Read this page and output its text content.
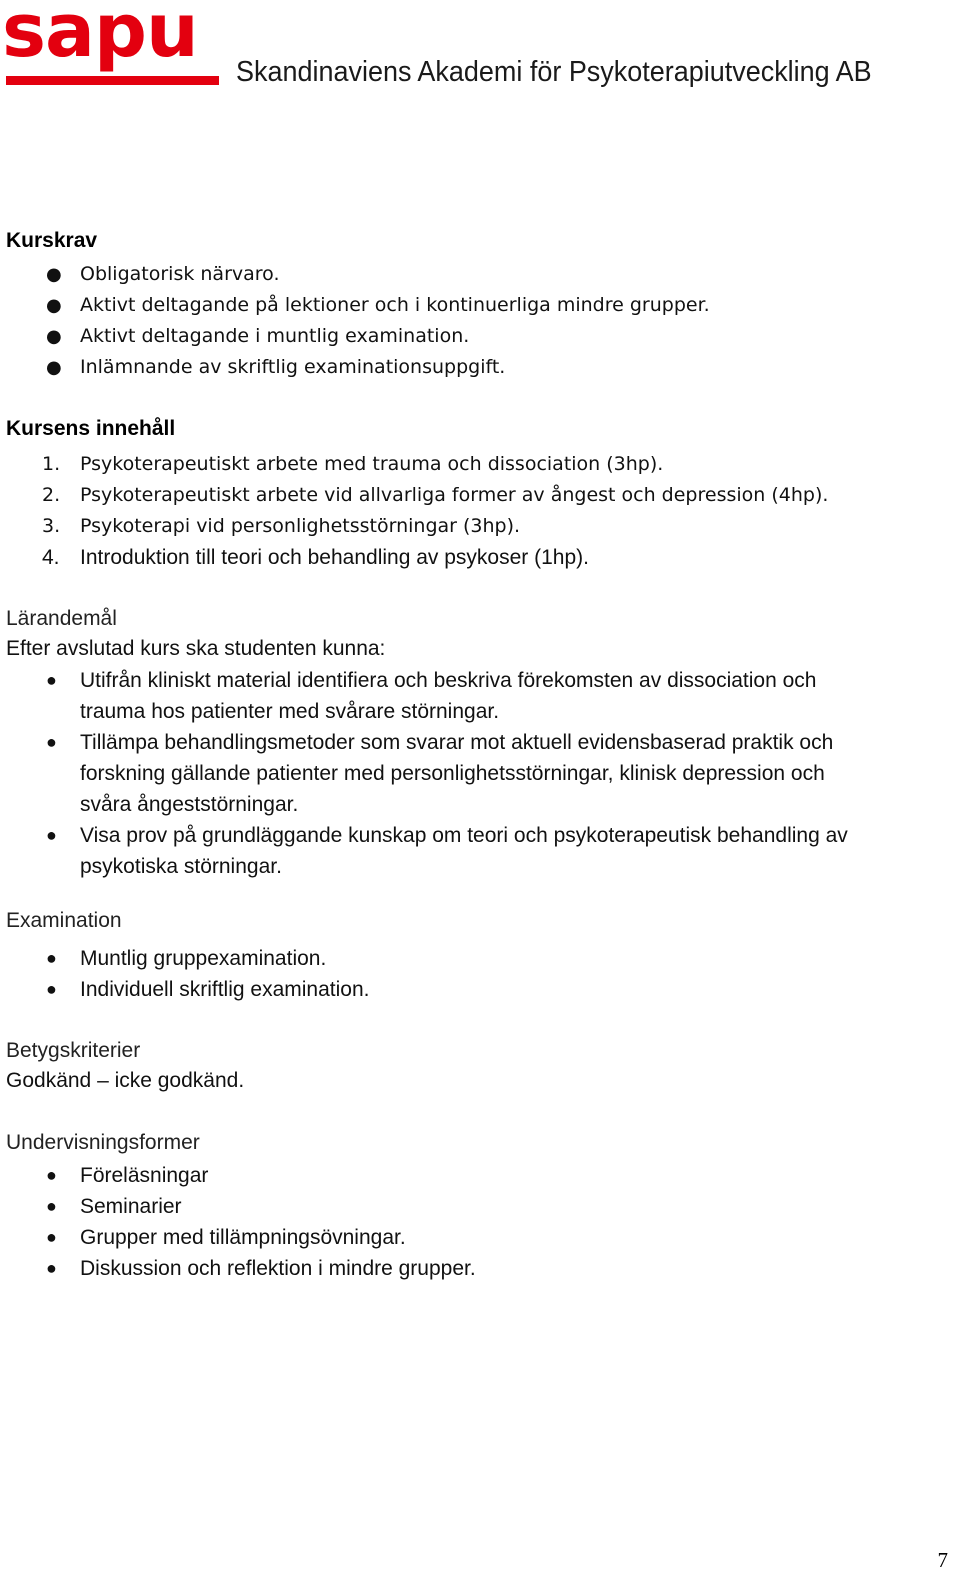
sapu Skandinaviens Akademi för Psykoterapiutveckling AB
Kurskrav
● Obligatorisk närvaro.
● Aktivt deltagande på lektioner och i kontinuerliga mindre grupper.
● Aktivt deltagande i muntlig examination.
● Inlämnande av skriftlig examinationsuppgift.
Kursens innehåll
1. Psykoterapeutiskt arbete med trauma och dissociation (3hp).
2. Psykoterapeutiskt arbete vid allvarliga former av ångest och depression (4hp).
3. Psykoterapi vid personlighetsstörningar (3hp).
4. Introduktion till teori och behandling av psykoser (1hp).
Lärandemål
Efter avslutad kurs ska studenten kunna:
● Utifrån kliniskt material identifiera och beskriva förekomsten av dissociation och
trauma hos patienter med svårare störningar.
● Tillämpa behandlingsmetoder som svarar mot aktuell evidensbaserad praktik och
forskning gällande patienter med personlighetsstörningar, klinisk depression och
svåra ångeststörningar.
● Visa prov på grundläggande kunskap om teori och psykoterapeutisk behandling av
psykotiska störningar.
Examination
● Muntlig gruppexamination.
● Individuell skriftlig examination.
Betygskriterier
Godkänd – icke godkänd.
Undervisningsformer
● Föreläsningar
● Seminarier
● Grupper med tillämpningsövningar.
● Diskussion och reflektion i mindre grupper.
7
